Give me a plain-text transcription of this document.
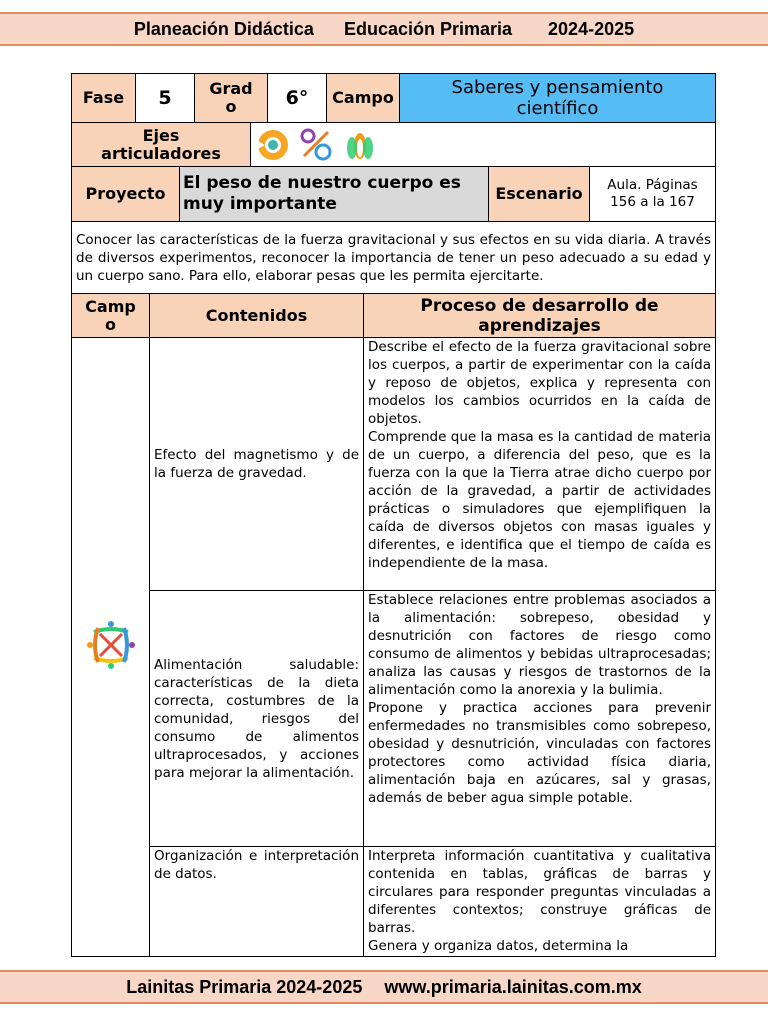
Planeación Didáctica Educación Primaria 2024-2025
Fase	5	Grado	6°	Campo	Saberes y pensamiento científico
Ejes articuladores	
Proyecto	El peso de nuestro cuerpo es muy importante	Escenario	Aula. Páginas 156 a la 167
Conocer las características de la fuerza gravitacional y sus efectos en su vida diaria. A través de diversos experimentos, reconocer la importancia de tener un peso adecuado a su edad y un cuerpo sano. Para ello, elaborar pesas que les permita ejercitarte.
Campo	Contenidos	Proceso de desarrollo de aprendizajes
	Efecto del magnetismo y de la fuerza de gravedad.	Describe el efecto de la fuerza gravitacional sobre los cuerpos, a partir de experimentar con la caída y reposo de objetos, explica y representa con modelos los cambios ocurridos en la caída de objetos.
Comprende que la masa es la cantidad de materia de un cuerpo, a diferencia del peso, que es la fuerza con la que la Tierra atrae dicho cuerpo por acción de la gravedad, a partir de actividades prácticas o simuladores que ejemplifiquen la caída de diversos objetos con masas iguales y diferentes, e identifica que el tiempo de caída es independiente de la masa.
	Alimentación saludable: características de la dieta correcta, costumbres de la comunidad, riesgos del consumo de alimentos ultraprocesados, y acciones para mejorar la alimentación.	Establece relaciones entre problemas asociados a la alimentación: sobrepeso, obesidad y desnutrición con factores de riesgo como consumo de alimentos y bebidas ultraprocesadas; analiza las causas y riesgos de trastornos de la alimentación como la anorexia y la bulimia.
Propone y practica acciones para prevenir enfermedades no transmisibles como sobrepeso, obesidad y desnutrición, vinculadas con factores protectores como actividad física diaria, alimentación baja en azúcares, sal y grasas, además de beber agua simple potable.
	Organización e interpretación de datos.	Interpreta información cuantitativa y cualitativa contenida en tablas, gráficas de barras y circulares para responder preguntas vinculadas a diferentes contextos; construye gráficas de barras.
Genera y organiza datos, determina la
Lainitas Primaria 2024-2025 www.primaria.lainitas.com.mx
